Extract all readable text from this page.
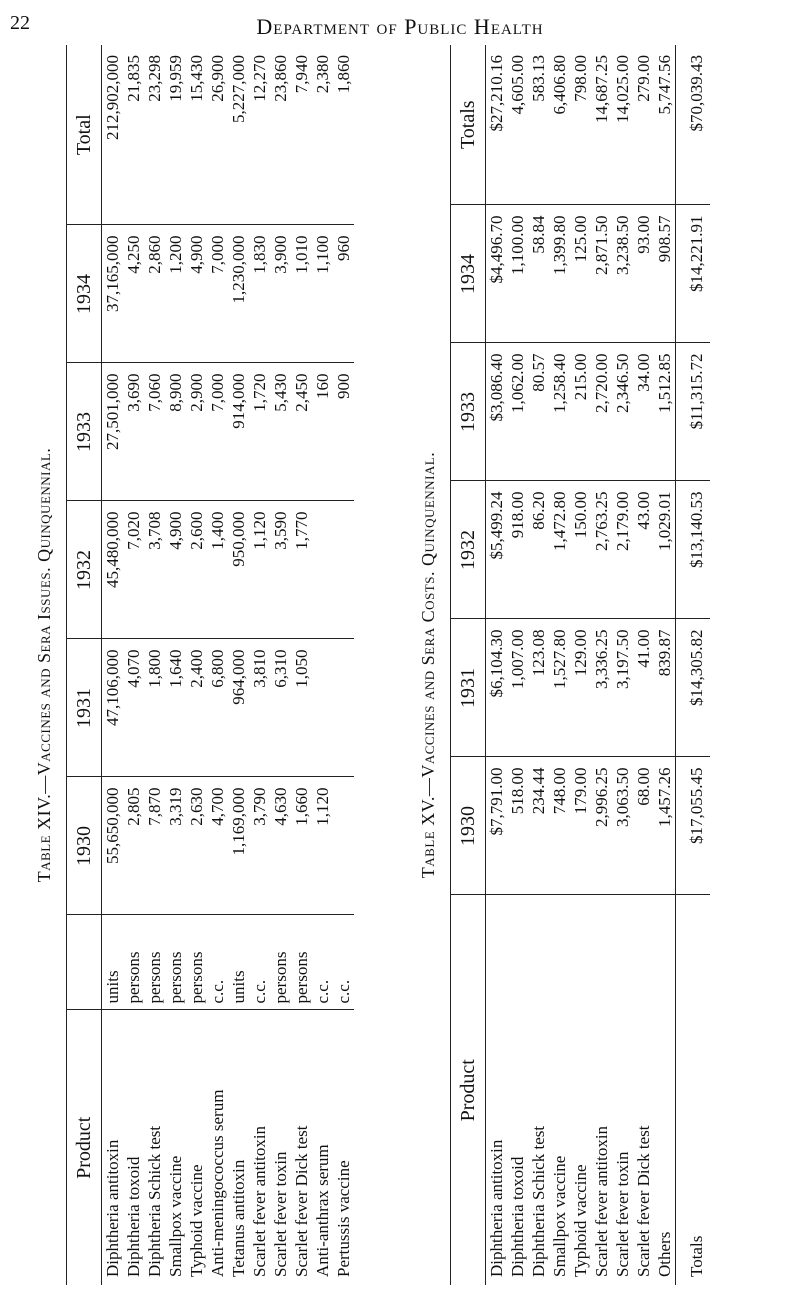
22	Department of Public Health
Table XIV.—Vaccines and Sera Issues. Quinquennial.
Product		1930	1931	1932	1933	1934	Total
Diphtheria antitoxin	units	55,650,000	47,106,000	45,480,000	27,501,000	37,165,000	212,902,000
Diphtheria toxoid	persons	2,805	4,070	7,020	3,690	4,250	21,835
Diphtheria Schick test	persons	7,870	1,800	3,708	7,060	2,860	23,298
Smallpox vaccine	persons	3,319	1,640	4,900	8,900	1,200	19,959
Typhoid vaccine	persons	2,630	2,400	2,600	2,900	4,900	15,430
Anti-meningococcus serum	c.c.	4,700	6,800	1,400	7,000	7,000	26,900
Tetanus antitoxin	units	1,169,000	964,000	950,000	914,000	1,230,000	5,227,000
Scarlet fever antitoxin	c.c.	3,790	3,810	1,120	1,720	1,830	12,270
Scarlet fever toxin	persons	4,630	6,310	3,590	5,430	3,900	23,860
Scarlet fever Dick test	persons	1,660	1,050	1,770	2,450	1,010	7,940
Anti-anthrax serum	c.c.	1,120			160	1,100	2,380
Pertussis vaccine	c.c.				900	960	1,860
Table XV.—Vaccines and Sera Costs. Quinquennial.
Product	1930	1931	1932	1933	1934	Totals
Diphtheria antitoxin	$7,791.00	$6,104.30	$5,499.24	$3,086.40	$4,496.70	$27,210.16
Diphtheria toxoid	518.00	1,007.00	918.00	1,062.00	1,100.00	4,605.00
Diphtheria Schick test	234.44	123.08	86.20	80.57	58.84	583.13
Smallpox vaccine	748.00	1,527.80	1,472.80	1,258.40	1,399.80	6,406.80
Typhoid vaccine	179.00	129.00	150.00	215.00	125.00	798.00
Scarlet fever antitoxin	2,996.25	3,336.25	2,763.25	2,720.00	2,871.50	14,687.25
Scarlet fever toxin	3,063.50	3,197.50	2,179.00	2,346.50	3,238.50	14,025.00
Scarlet fever Dick test	68.00	41.00	43.00	34.00	93.00	279.00
Others	1,457.26	839.87	1,029.01	1,512.85	908.57	5,747.56
Totals	$17,055.45	$14,305.82	$13,140.53	$11,315.72	$14,221.91	$70,039.43
